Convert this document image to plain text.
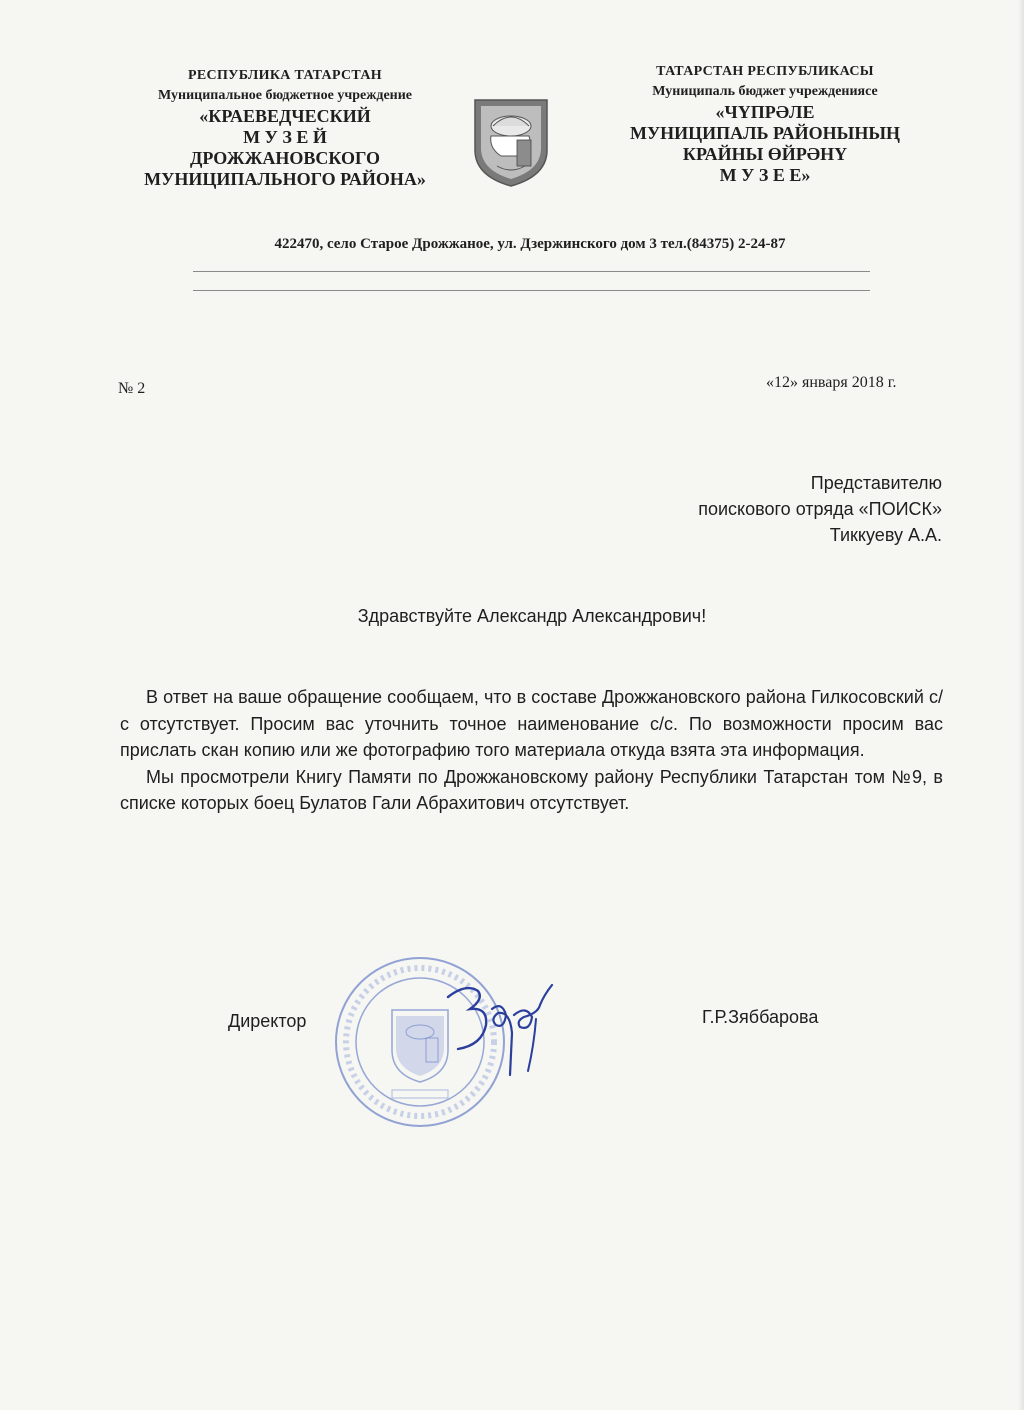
РЕСПУБЛИКА ТАТАРСТАН
Муниципальное бюджетное учреждение
«КРАЕВЕДЧЕСКИЙ
М У З Е Й
ДРОЖЖАНОВСКОГО
МУНИЦИПАЛЬНОГО РАЙОНА»
ТАТАРСТАН РЕСПУБЛИКАСЫ
Муниципаль бюджет учреждениясе
«ЧҮПРӘЛЕ
МУНИЦИПАЛЬ РАЙОНЫНЫҢ
КРАЙНЫ ӨЙРӘНҮ
М У З Е Е»
422470, село Старое Дрожжаное, ул. Дзержинского дом 3 тел.(84375) 2-24-87
№ 2	«12» января 2018 г.
Представителю
поискового отряда «ПОИСК»
Тиккуеву А.А.
Здравствуйте Александр Александрович!

В ответ на ваше обращение сообщаем, что в составе Дрожжановского района Гилкосовский с/с отсутствует. Просим вас уточнить точное наименование с/с. По возможности просим вас прислать скан копию или же фотографию того материала откуда взята эта информация.

Мы просмотрели Книгу Памяти по Дрожжановскому району Республики Татарстан том №9, в списке которых боец Булатов Гали Абрахитович отсутствует.

Директор	Г.Р.Зяббарова
